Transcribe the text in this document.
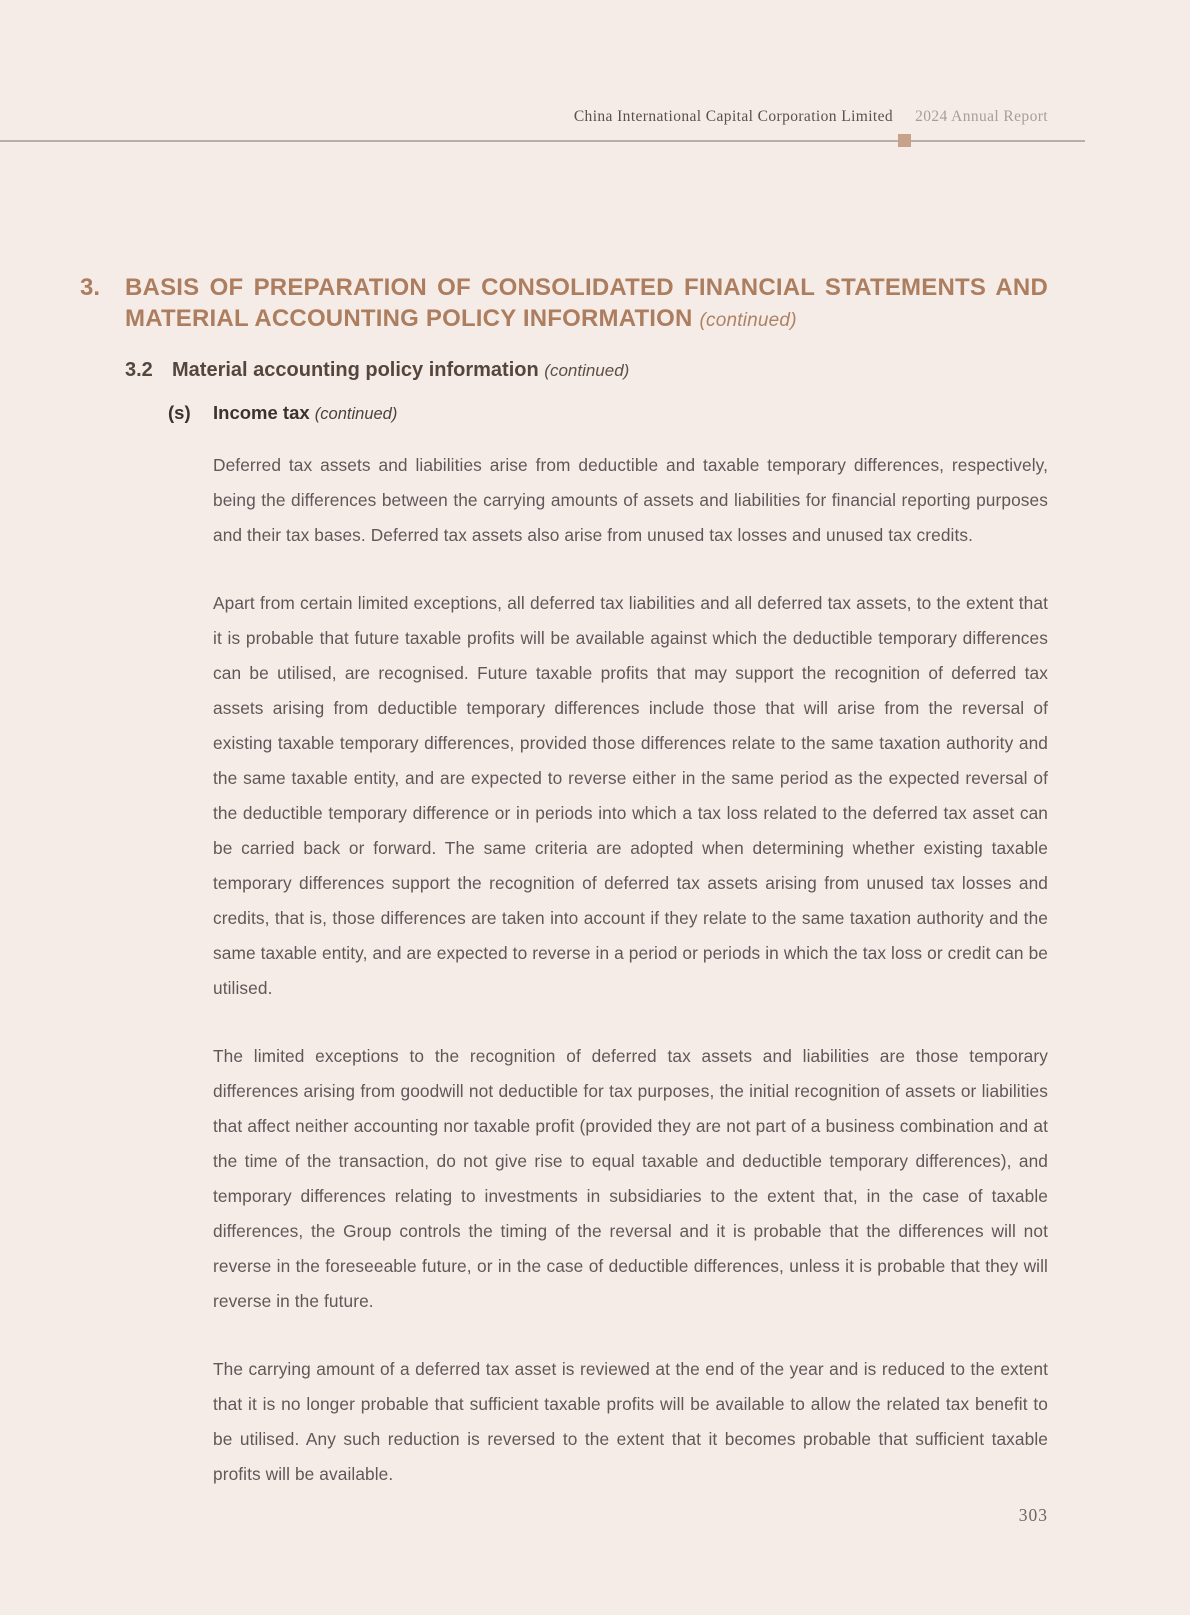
China International Capital Corporation Limited 2024 Annual Report
3.	BASIS OF PREPARATION OF CONSOLIDATED FINANCIAL STATEMENTS AND
MATERIAL ACCOUNTING POLICY INFORMATION (continued)
3.2 Material accounting policy information (continued)
(s)	Income tax (continued)

Deferred tax assets and liabilities arise from deductible and taxable temporary differences, respectively, being the differences between the carrying amounts of assets and liabilities for financial reporting purposes and their tax bases. Deferred tax assets also arise from unused tax losses and unused tax credits.

Apart from certain limited exceptions, all deferred tax liabilities and all deferred tax assets, to the extent that it is probable that future taxable profits will be available against which the deductible temporary differences can be utilised, are recognised. Future taxable profits that may support the recognition of deferred tax assets arising from deductible temporary differences include those that will arise from the reversal of existing taxable temporary differences, provided those differences relate to the same taxation authority and the same taxable entity, and are expected to reverse either in the same period as the expected reversal of the deductible temporary difference or in periods into which a tax loss related to the deferred tax asset can be carried back or forward. The same criteria are adopted when determining whether existing taxable temporary differences support the recognition of deferred tax assets arising from unused tax losses and credits, that is, those differences are taken into account if they relate to the same taxation authority and the same taxable entity, and are expected to reverse in a period or periods in which the tax loss or credit can be utilised.

The limited exceptions to the recognition of deferred tax assets and liabilities are those temporary differences arising from goodwill not deductible for tax purposes, the initial recognition of assets or liabilities that affect neither accounting nor taxable profit (provided they are not part of a business combination and at the time of the transaction, do not give rise to equal taxable and deductible temporary differences), and temporary differences relating to investments in subsidiaries to the extent that, in the case of taxable differences, the Group controls the timing of the reversal and it is probable that the differences will not reverse in the foreseeable future, or in the case of deductible differences, unless it is probable that they will reverse in the future.

The carrying amount of a deferred tax asset is reviewed at the end of the year and is reduced to the extent that it is no longer probable that sufficient taxable profits will be available to allow the related tax benefit to be utilised. Any such reduction is reversed to the extent that it becomes probable that sufficient taxable profits will be available.

303
